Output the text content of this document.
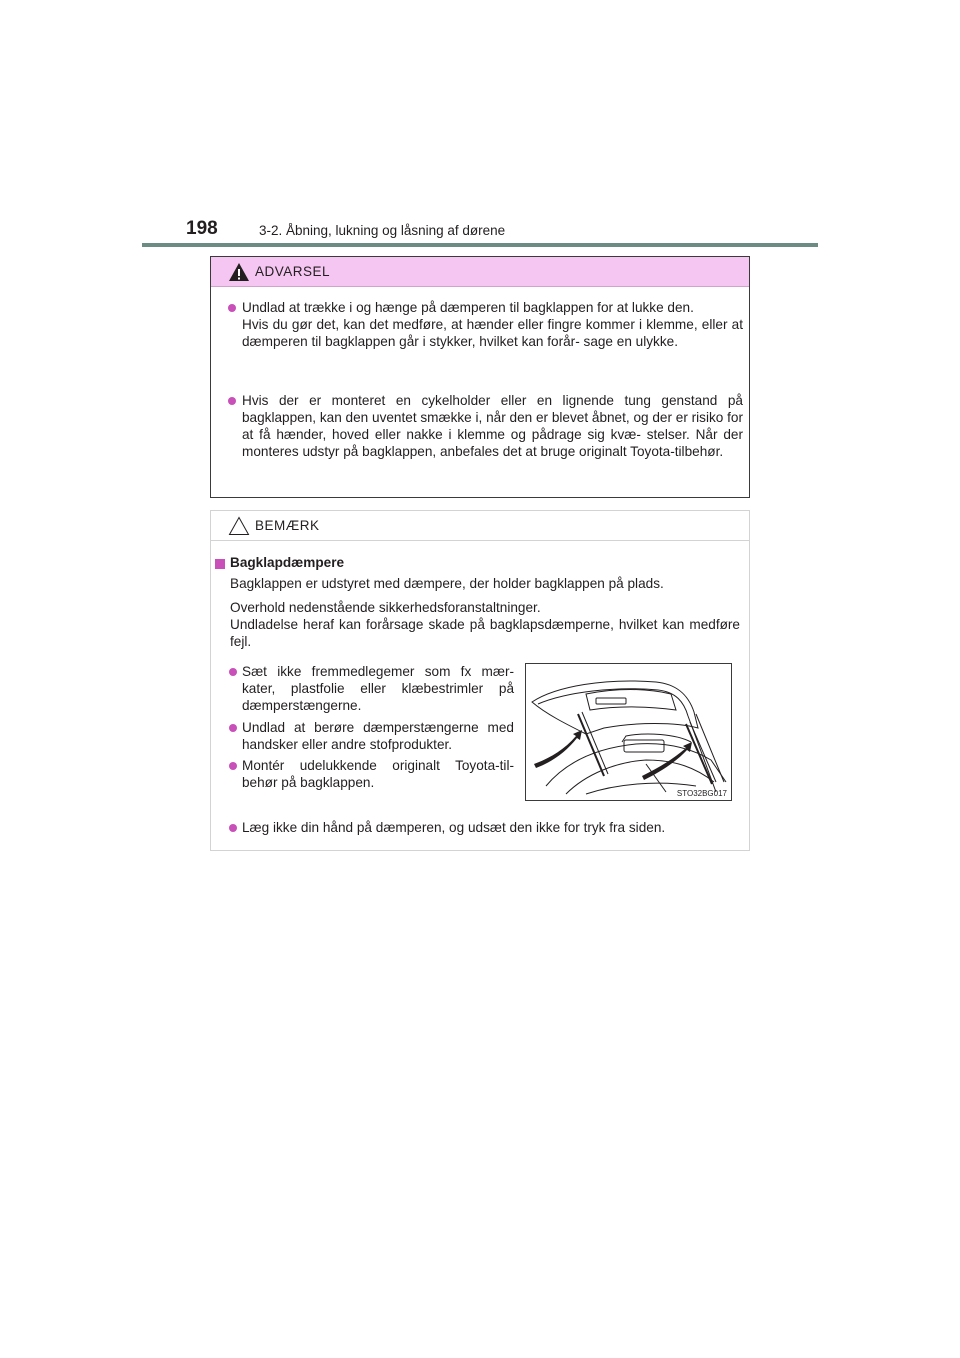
198	3-2. Åbning, lukning og låsning af dørene
ADVARSEL
Undlad at trække i og hænge på dæmperen til bagklappen for at lukke den.
Hvis du gør det, kan det medføre, at hænder eller fingre kommer i klemme, eller at dæmperen til bagklappen går i stykker, hvilket kan forår- sage en ulykke.
Hvis der er monteret en cykelholder eller en lignende tung genstand på bagklappen, kan den uventet smække i, når den er blevet åbnet, og der er risiko for at få hænder, hoved eller nakke i klemme og pådrage sig kvæ- stelser. Når der monteres udstyr på bagklappen, anbefales det at bruge originalt Toyota-tilbehør.
BEMÆRK
Bagklapdæmpere
Bagklappen er udstyret med dæmpere, der holder bagklappen på plads.
Overhold nedenstående sikkerhedsforanstaltninger.
Undladelse heraf kan forårsage skade på bagklapsdæmperne, hvilket kan medføre fejl.
Sæt ikke fremmedlegemer som fx mær- kater, plastfolie eller klæbestrimler på dæmperstængerne.
Undlad at berøre dæmperstængerne med handsker eller andre stofprodukter.
Montér udelukkende originalt Toyota-til- behør på bagklappen.
Læg ikke din hånd på dæmperen, og udsæt den ikke for tryk fra siden.
STO32BG017
